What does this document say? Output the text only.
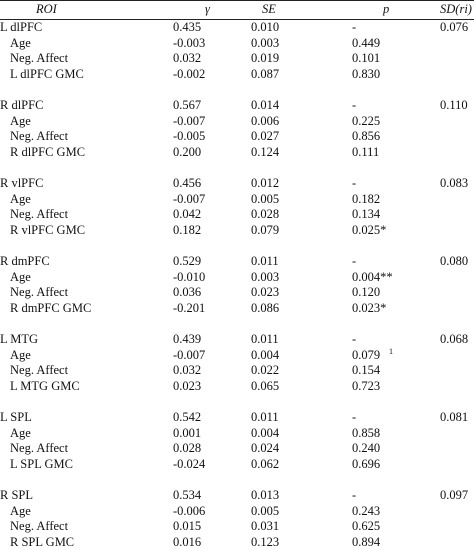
ROI	γ	SE	p	SD(ri)
L dlPFC	0.435	0.010	-	0.076
Age	-0.003	0.003	0.449
Neg. Affect	0.032	0.019	0.101
L dlPFC GMC	-0.002	0.087	0.830
R dlPFC	0.567	0.014	-	0.110
Age	-0.007	0.006	0.225
Neg. Affect	-0.005	0.027	0.856
R dlPFC GMC	0.200	0.124	0.111
R vlPFC	0.456	0.012	-	0.083
Age	-0.007	0.005	0.182
Neg. Affect	0.042	0.028	0.134
R vlPFC GMC	0.182	0.079	0.025*
R dmPFC	0.529	0.011	-	0.080
Age	-0.010	0.003	0.004**
Neg. Affect	0.036	0.023	0.120
R dmPFC GMC	-0.201	0.086	0.023*
L MTG	0.439	0.011	-	0.068
Age	-0.007	0.004	0.079 $^1$
Neg. Affect	0.032	0.022	0.154
L MTG GMC	0.023	0.065	0.723
L SPL	0.542	0.011	-	0.081
Age	0.001	0.004	0.858
Neg. Affect	0.028	0.024	0.240
L SPL GMC	-0.024	0.062	0.696
R SPL	0.534	0.013	-	0.097
Age	-0.006	0.005	0.243
Neg. Affect	0.015	0.031	0.625
R SPL GMC	0.016	0.123	0.894
